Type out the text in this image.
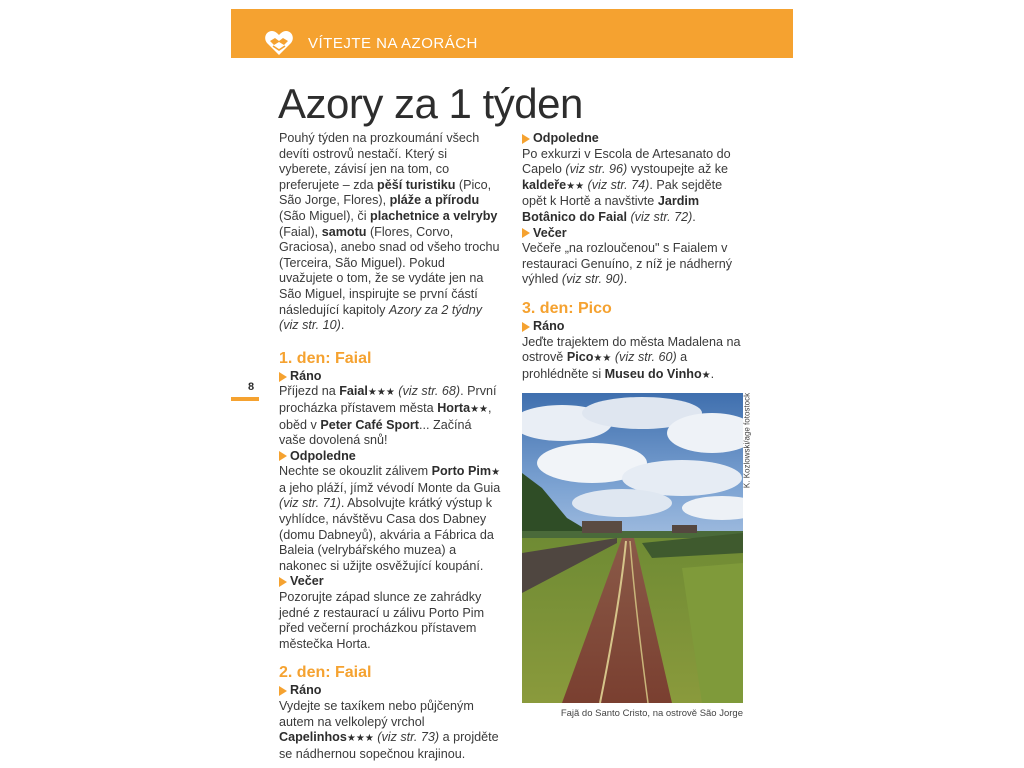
VÍTEJTE NA AZORÁCH
Azory za 1 týden
8

Pouhý týden na prozkoumání všech devíti ostrovů nestačí. Který si vyberete, závisí jen na tom, co preferujete – zda pěší turistiku (Pico, São Jorge, Flores), pláže a přírodu (São Miguel), či plachetnice a velryby (Faial), samotu (Flores, Corvo, Graciosa), anebo snad od všeho trochu (Terceira, São Miguel). Pokud uvažujete o tom, že se vydáte jen na São Miguel, inspirujte se první částí následující kapitoly Azory za 2 týdny (viz str. 10).

1. den: Faial

Ráno

Příjezd na Faial★★★ (viz str. 68). První procházka přístavem města Horta★★, oběd v Peter Café Sport... Začíná vaše dovolená snů!

Odpoledne

Nechte se okouzlit zálivem Porto Pim★ a jeho pláží, jímž vévodí Monte da Guia (viz str. 71). Absolvujte krátký výstup k vyhlídce, návštěvu Casa dos Dabney (domu Dabneyů), akvária a Fábrica da Baleia (velrybářského muzea) a nakonec si užijte osvěžující koupání.

Večer

Pozorujte západ slunce ze zahrádky jedné z restaurací u zálivu Porto Pim před večerní procházkou přístavem městečka Horta.

2. den: Faial

Ráno

Vydejte se taxíkem nebo půjčeným autem na velkolepý vrchol Capelinhos★★★ (viz str. 73) a projděte se nádhernou sopečnou krajinou.

Odpoledne

Po exkurzi v Escola de Artesanato do Capelo (viz str. 96) vystoupejte až ke kaldeře★★ (viz str. 74). Pak sejděte opět k Hortě a navštivte Jardim Botânico do Faial (viz str. 72).

Večer

Večeře „na rozloučenou" s Faialem v restauraci Genuíno, z níž je nádherný výhled (viz str. 90).

3. den: Pico

Ráno

Jeďte trajektem do města Madalena na ostrově Pico★★ (viz str. 60) a prohlédněte si Museu do Vinho★.

K. Kozlowski/age fotostock
Fajã do Santo Cristo, na ostrově São Jorge
